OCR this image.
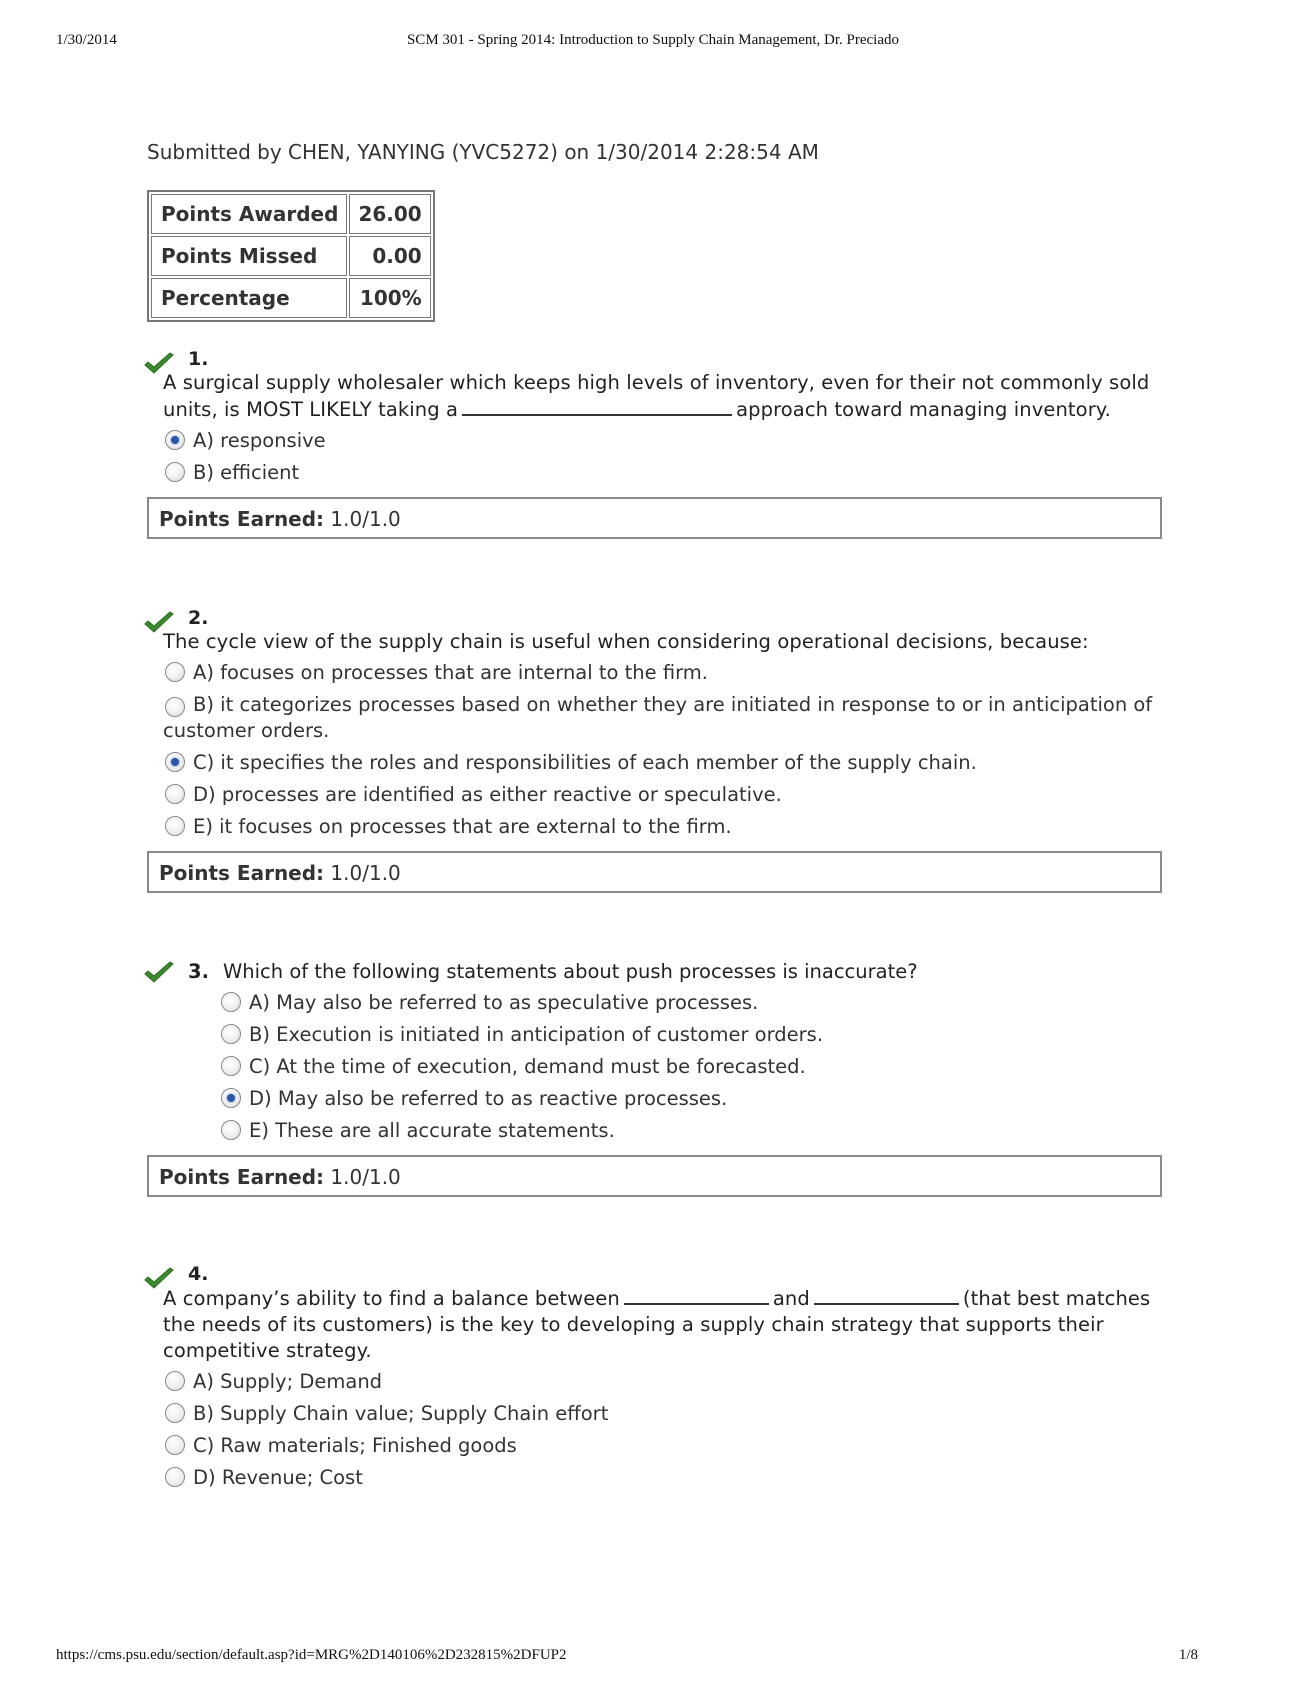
1/30/2014	SCM 301 - Spring 2014: Introduction to Supply Chain Management, Dr. Preciado
Submitted by CHEN, YANYING (YVC5272) on 1/30/2014 2:28:54 AM
Points Awarded	26.00
Points Missed	0.00
Percentage	100%
1.
A surgical supply wholesaler which keeps high levels of inventory, even for their not commonly sold units, is MOST LIKELY taking a	approach toward managing inventory.
A) responsive
B) efficient
Points Earned: 1.0/1.0
2.
The cycle view of the supply chain is useful when considering operational decisions, because:
A) focuses on processes that are internal to the firm.
B) it categorizes processes based on whether they are initiated in response to or in anticipation of customer orders.
C) it specifies the roles and responsibilities of each member of the supply chain.
D) processes are identified as either reactive or speculative.
E) it focuses on processes that are external to the firm.
Points Earned: 1.0/1.0
3. Which of the following statements about push processes is inaccurate?
A) May also be referred to as speculative processes.
B) Execution is initiated in anticipation of customer orders.
C) At the time of execution, demand must be forecasted.
D) May also be referred to as reactive processes.
E) These are all accurate statements.
Points Earned: 1.0/1.0
4.
A company’s ability to find a balance between	and	(that best matches the needs of its customers) is the key to developing a supply chain strategy that supports their competitive strategy.
A) Supply; Demand
B) Supply Chain value; Supply Chain effort
C) Raw materials; Finished goods
D) Revenue; Cost
https://cms.psu.edu/section/default.asp?id=MRG%2D140106%2D232815%2DFUP2	1/8
